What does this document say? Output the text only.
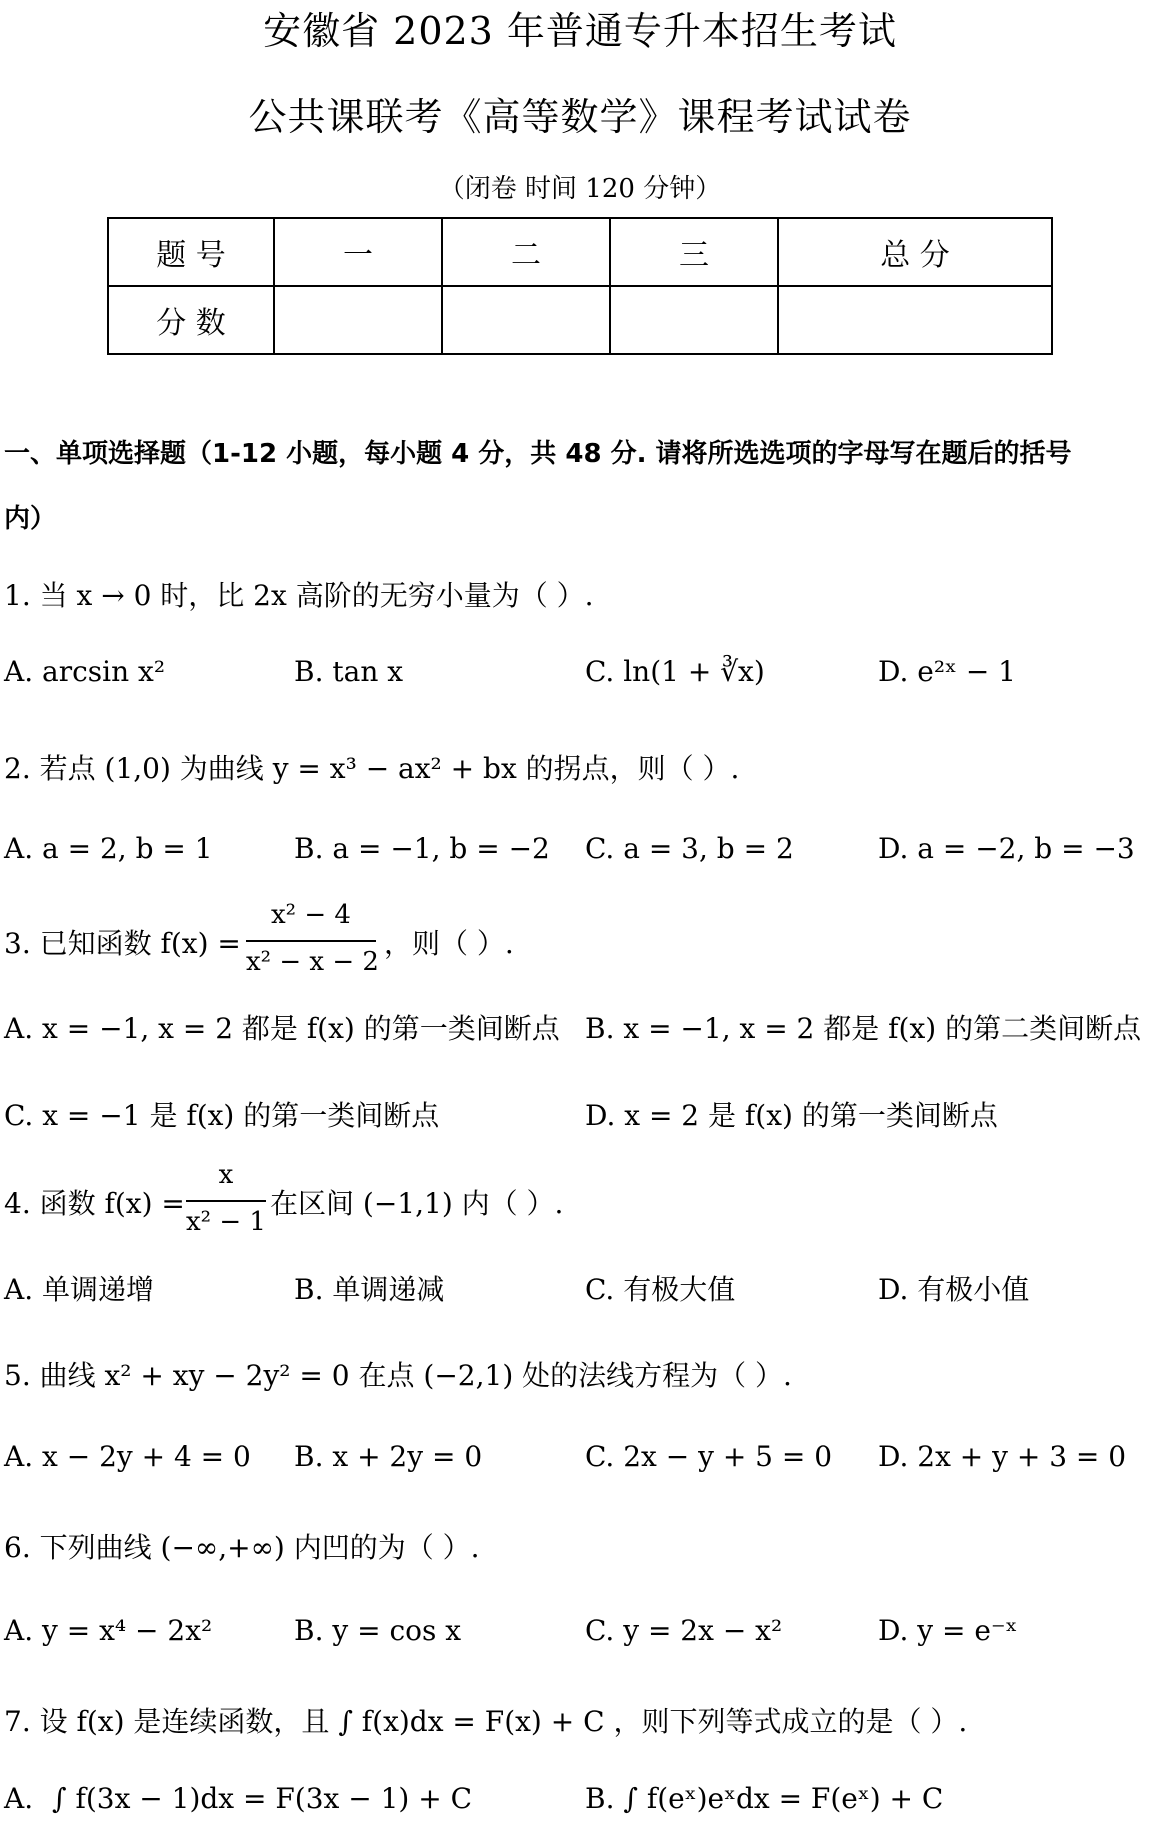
安徽省 2023 年普通专升本招生考试
公共课联考《高等数学》课程考试试卷
（闭卷 时间 120 分钟）
题 号	一	二	三	总 分
分 数				
一、单项选择题（1-12 小题，每小题 4 分，共 48 分. 请将所选选项的字母写在题后的括号
内）
1. 当 x → 0 时，比 2x 高阶的无穷小量为（ ）.
A. arcsin x²	B. tan x	C. ln(1 + ∛x)	D. e²ˣ − 1
2. 若点 (1,0) 为曲线 y = x³ − ax² + bx 的拐点，则（ ）.
A. a = 2, b = 1	B. a = −1, b = −2 C. a = 3, b = 2	D. a = −2, b = −3
3. 已知函数 f(x) =
x² − 4
x² − x − 2
，则（ ）.
A. x = −1, x = 2 都是 f(x) 的第一类间断点 B. x = −1, x = 2 都是 f(x) 的第二类间断点
C. x = −1 是 f(x) 的第一类间断点	D. x = 2 是 f(x) 的第一类间断点
4. 函数 f(x) =
x
x² − 1
在区间 (−1,1) 内（ ）.
A. 单调递增	B. 单调递减	C. 有极大值	D. 有极小值
5. 曲线 x² + xy − 2y² = 0 在点 (−2,1) 处的法线方程为（ ）.
A. x − 2y + 4 = 0 B. x + 2y = 0	C. 2x − y + 5 = 0 D. 2x + y + 3 = 0
6. 下列曲线 (−∞,+∞) 内凹的为（ ）.
A. y = x⁴ − 2x²	B. y = cos x	C. y = 2x − x²	D. y = e⁻ˣ
7. 设 f(x) 是连续函数，且 ∫ f(x)dx = F(x) + C ，则下列等式成立的是（ ）.
A. ∫ f(3x − 1)dx = F(3x − 1) + C	B. ∫ f(eˣ)eˣdx = F(eˣ) + C
